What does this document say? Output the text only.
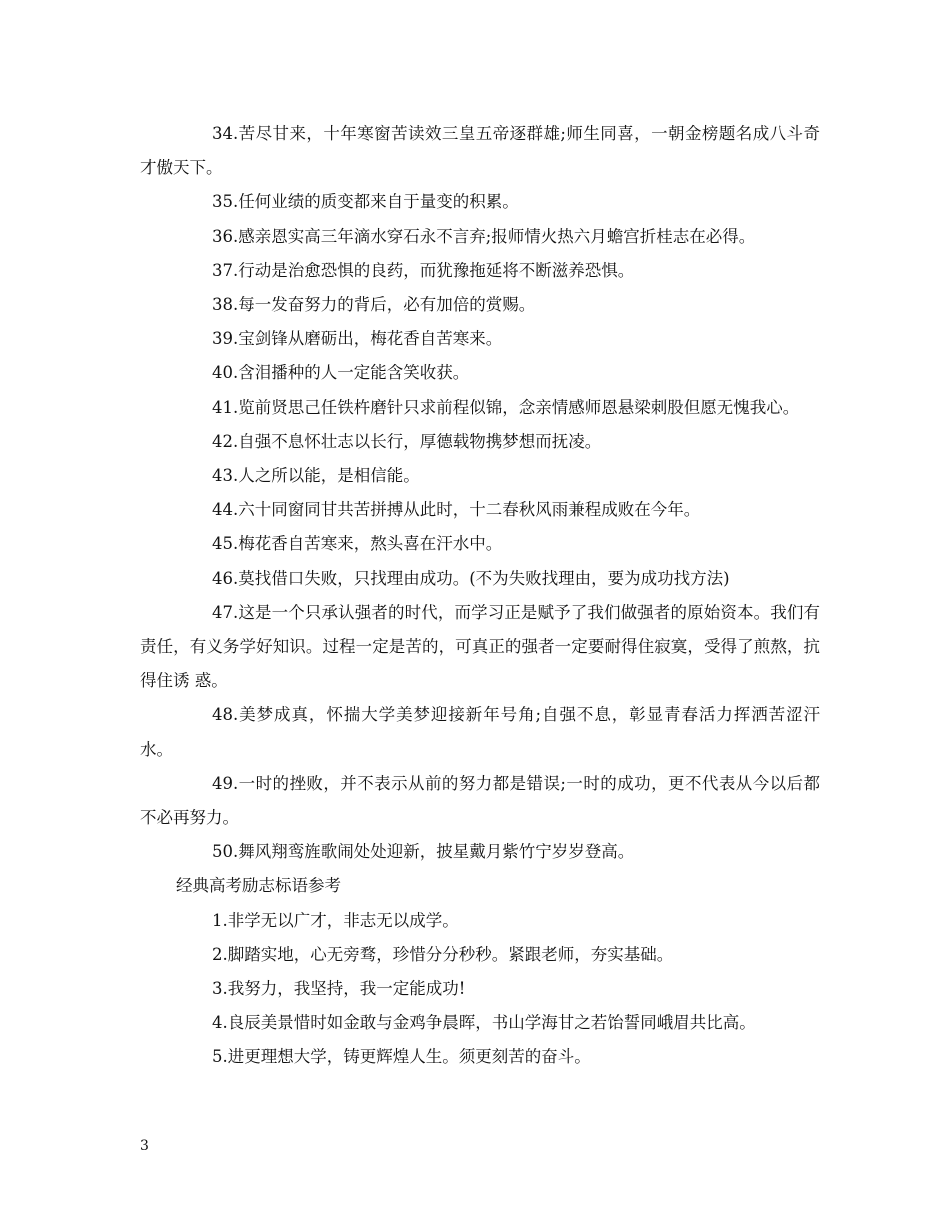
34.苦尽甘来，十年寒窗苦读效三皇五帝逐群雄;师生同喜，一朝金榜题名成八斗奇才傲天下。

35.任何业绩的质变都来自于量变的积累。

36.感亲恩实高三年滴水穿石永不言弃;报师情火热六月蟾宫折桂志在必得。

37.行动是治愈恐惧的良药，而犹豫拖延将不断滋养恐惧。

38.每一发奋努力的背后，必有加倍的赏赐。

39.宝剑锋从磨砺出，梅花香自苦寒来。

40.含泪播种的人一定能含笑收获。

41.览前贤思己任铁杵磨针只求前程似锦，念亲情感师恩悬梁刺股但愿无愧我心。

42.自强不息怀壮志以长行，厚德载物携梦想而抚凌。

43.人之所以能，是相信能。

44.六十同窗同甘共苦拼搏从此时，十二春秋风雨兼程成败在今年。

45.梅花香自苦寒来，熬头喜在汗水中。

46.莫找借口失败，只找理由成功。(不为失败找理由，要为成功找方法)

47.这是一个只承认强者的时代，而学习正是赋予了我们做强者的原始资本。我们有责任，有义务学好知识。过程一定是苦的，可真正的强者一定要耐得住寂寞，受得了煎熬，抗得住诱 惑。

48.美梦成真，怀揣大学美梦迎接新年号角;自强不息，彰显青春活力挥洒苦涩汗水。

49.一时的挫败，并不表示从前的努力都是错误;一时的成功，更不代表从今以后都不必再努力。

50.舞风翔鸾旌歌闹处处迎新，披星戴月紫竹宁岁岁登高。

经典高考励志标语参考

1.非学无以广才，非志无以成学。

2.脚踏实地，心无旁骛，珍惜分分秒秒。紧跟老师，夯实基础。

3.我努力，我坚持，我一定能成功!

4.良辰美景惜时如金敢与金鸡争晨晖，书山学海甘之若饴誓同峨眉共比高。

5.进更理想大学，铸更辉煌人生。须更刻苦的奋斗。

3
